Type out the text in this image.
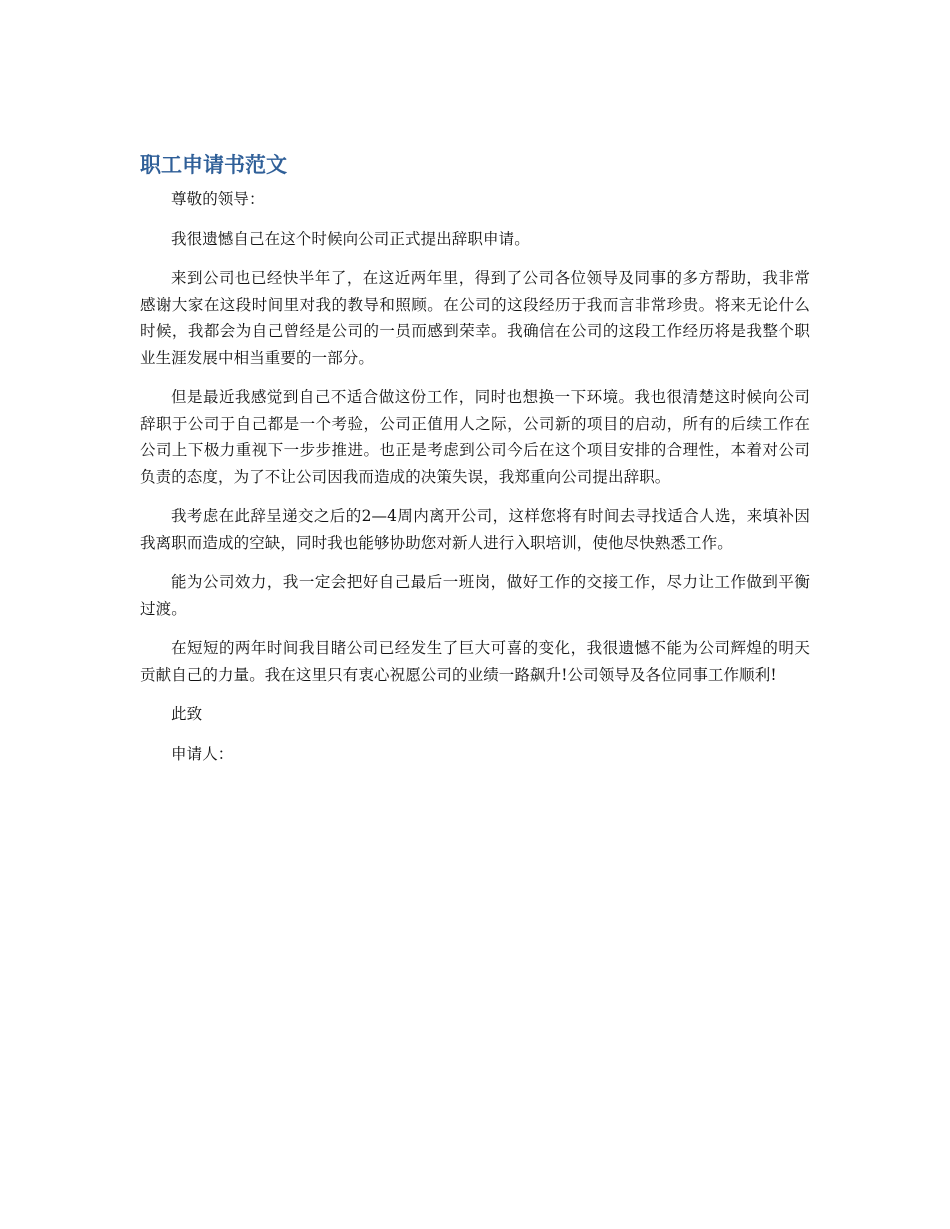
职工申请书范文

尊敬的领导：

我很遗憾自己在这个时候向公司正式提出辞职申请。

来到公司也已经快半年了，在这近两年里，得到了公司各位领导及同事的多方帮助，我非常感谢大家在这段时间里对我的教导和照顾。在公司的这段经历于我而言非常珍贵。将来无论什么时候，我都会为自己曾经是公司的一员而感到荣幸。我确信在公司的这段工作经历将是我整个职业生涯发展中相当重要的一部分。

但是最近我感觉到自己不适合做这份工作，同时也想换一下环境。我也很清楚这时候向公司辞职于公司于自己都是一个考验，公司正值用人之际，公司新的项目的启动，所有的后续工作在公司上下极力重视下一步步推进。也正是考虑到公司今后在这个项目安排的合理性，本着对公司负责的态度，为了不让公司因我而造成的决策失误，我郑重向公司提出辞职。

我考虑在此辞呈递交之后的2—4周内离开公司，这样您将有时间去寻找适合人选，来填补因我离职而造成的空缺，同时我也能够协助您对新人进行入职培训，使他尽快熟悉工作。

能为公司效力，我一定会把好自己最后一班岗，做好工作的交接工作，尽力让工作做到平衡过渡。

在短短的两年时间我目睹公司已经发生了巨大可喜的变化，我很遗憾不能为公司辉煌的明天贡献自己的力量。我在这里只有衷心祝愿公司的业绩一路飙升!公司领导及各位同事工作顺利!

此致

申请人：
